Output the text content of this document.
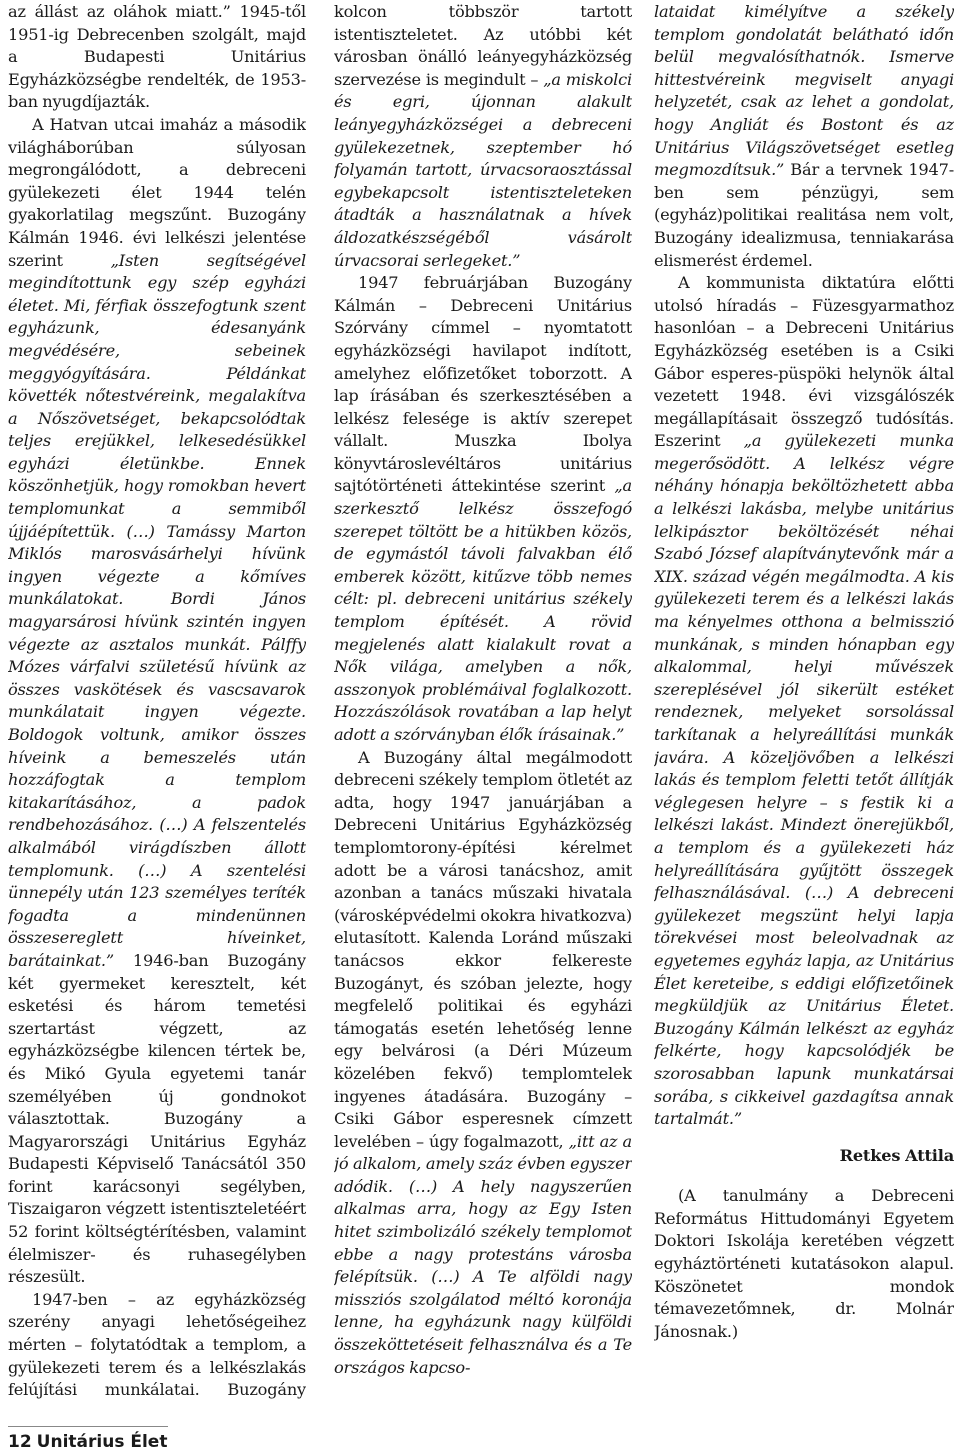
az állást az oláhok miatt.” 1945-től 1951-ig Debrecenben szolgált, majd a Budapesti Unitárius Egyházközségbe rendelték, de 1953-ban nyugdíjazták.

A Hatvan utcai imaház a második világháborúban súlyosan megrongálódott, a debreceni gyülekezeti élet 1944 telén gyakorlatilag megszűnt. Buzogány Kálmán 1946. évi lelkészi jelentése szerint „Isten segítségével megindítottunk egy szép egyházi életet. Mi, férfiak összefogtunk szent egyházunk, édesanyánk megvédésére, sebeinek meggyógyítására. Példánkat követték nőtestvéreink, megalakítva a Nőszövetséget, bekapcsolódtak teljes erejükkel, lelkesedésükkel egyházi életünkbe. Ennek köszönhetjük, hogy romokban hevert templomunkat a semmiből újjáépítettük. (…) Tamássy Marton Miklós marosvásárhelyi hívünk ingyen végezte a kőmíves munkálatokat. Bordi János magyarsárosi hívünk szintén ingyen végezte az asztalos munkát. Pálffy Mózes várfalvi születésű hívünk az összes vaskötések és vascsavarok munkálatait ingyen végezte. Boldogok voltunk, amikor összes híveink a bemeszelés után hozzáfogtak a templom kitakarításához, a padok rendbehozásához. (…) A felszentelés alkalmából virágdíszben állott templomunk. (…) A szentelési ünnepély után 123 személyes teríték fogadta a mindenünnen összesereglett híveinket, barátainkat.” 1946-ban Buzogány két gyermeket keresztelt, két esketési és három temetési szertartást végzett, az egyházközségbe kilencen tértek be, és Mikó Gyula egyetemi tanár személyében új gondnokot választottak. Buzogány a Magyarországi Unitárius Egyház Budapesti Képviselő Tanácsától 350 forint karácsonyi segélyben, Tiszaigaron végzett istentiszteletéért 52 forint költségtérítésben, valamint élelmiszer- és ruhasegélyben részesült.

1947-ben – az egyházközség szerény anyagi lehetőségeihez mérten – folytatódtak a templom, a gyülekezeti terem és a lelkészlakás felújítási munkálatai. Buzogány

kolcon többször tartott istentiszteletet. Az utóbbi két városban önálló leányegyházközség szervezése is megindult – „a miskolci és egri, újonnan alakult leányegyházközségei a debreceni gyülekezetnek, szeptember hó folyamán tartott, úrvacsoraosztással egybekapcsolt istentiszteleteken átadták a használatnak a hívek áldozatkészségéből vásárolt úrvacsorai serlegeket.”

1947 februárjában Buzogány Kálmán – Debreceni Unitárius Szórvány címmel – nyomtatott egyházközségi havilapot indított, amelyhez előfizetőket toborzott. A lap írásában és szerkesztésében a lelkész felesége is aktív szerepet vállalt. Muszka Ibolya könyvtároslevéltáros unitárius sajtótörténeti áttekintése szerint „a szerkesztő lelkész összefogó szerepet töltött be a hitükben közös, de egymástól távoli falvakban élő emberek között, kitűzve több nemes célt: pl. debreceni unitárius székely templom építését. A rövid megjelenés alatt kialakult rovat a Nők világa, amelyben a nők, asszonyok problémáival foglalkozott. Hozzászólások rovatában a lap helyt adott a szórványban élők írásainak.”

A Buzogány által megálmodott debreceni székely templom ötletét az adta, hogy 1947 januárjában a Debreceni Unitárius Egyházközség templomtorony-építési kérelmet adott be a városi tanácshoz, amit azonban a tanács műszaki hivatala (városképvédelmi okokra hivatkozva) elutasított. Kalenda Loránd műszaki tanácsos ekkor felkereste Buzogányt, és szóban jelezte, hogy megfelelő politikai és egyházi támogatás esetén lehetőség lenne egy belvárosi (a Déri Múzeum közelében fekvő) templomtelek ingyenes átadására. Buzogány – Csiki Gábor esperesnek címzett levelében – úgy fogalmazott, „itt az a jó alkalom, amely száz évben egyszer adódik. (…) A hely nagyszerűen alkalmas arra, hogy az Egy Isten hitet szimbolizáló székely templomot ebbe a nagy protestáns városba felépítsük. (…) A Te alföldi nagy missziós szolgálatod méltó koronája lenne, ha egyházunk nagy külföldi összeköttetéseit felhasználva és a Te országos kapcso-

lataidat kimélyítve a székely templom gondolatát belátható időn belül megvalósíthatnók. Ismerve hittestvéreink megviselt anyagi helyzetét, csak az lehet a gondolat, hogy Angliát és Bostont és az Unitárius Világszövetséget esetleg megmozdítsuk.” Bár a tervnek 1947-ben sem pénzügyi, sem (egyház)politikai realitása nem volt, Buzogány idealizmusa, tenniakarása elismerést érdemel.

A kommunista diktatúra előtti utolsó híradás – Füzesgyarmathoz hasonlóan – a Debreceni Unitárius Egyházközség esetében is a Csiki Gábor esperes-püspöki helynök által vezetett 1948. évi vizsgálószék megállapításait összegző tudósítás. Eszerint „a gyülekezeti munka megerősödött. A lelkész végre néhány hónapja beköltözhetett abba a lelkészi lakásba, melybe unitárius lelkipásztor beköltözését néhai Szabó József alapítványtevőnk már a XIX. század végén megálmodta. A kis gyülekezeti terem és a lelkészi lakás ma kényelmes otthona a belmisszió munkának, s minden hónapban egy alkalommal, helyi művészek szereplésével jól sikerült estéket rendeznek, melyeket sorsolással tarkítanak a helyreállítási munkák javára. A közeljövőben a lelkészi lakás és templom feletti tetőt állítják véglegesen helyre – s festik ki a lelkészi lakást. Mindezt önerejükből, a templom és a gyülekezeti ház helyreállítására gyűjtött összegek felhasználásával. (…) A debreceni gyülekezet megszünt helyi lapja törekvései most beleolvadnak az egyetemes egyház lapja, az Unitárius Élet kereteibe, s eddigi előfizetőinek megküldjük az Unitárius Életet. Buzogány Kálmán lelkészt az egyház felkérte, hogy kapcsolódjék be szorosabban lapunk munkatársai sorába, s cikkeivel gazdagítsa annak tartalmát.”

Retkes Attila

(A tanulmány a Debreceni Református Hittudományi Egyetem Doktori Iskolája keretében végzett egyháztörténeti kutatásokon alapul. Köszönetet mondok témavezetőmnek, dr. Molnár Jánosnak.)

12 Unitárius Élet
